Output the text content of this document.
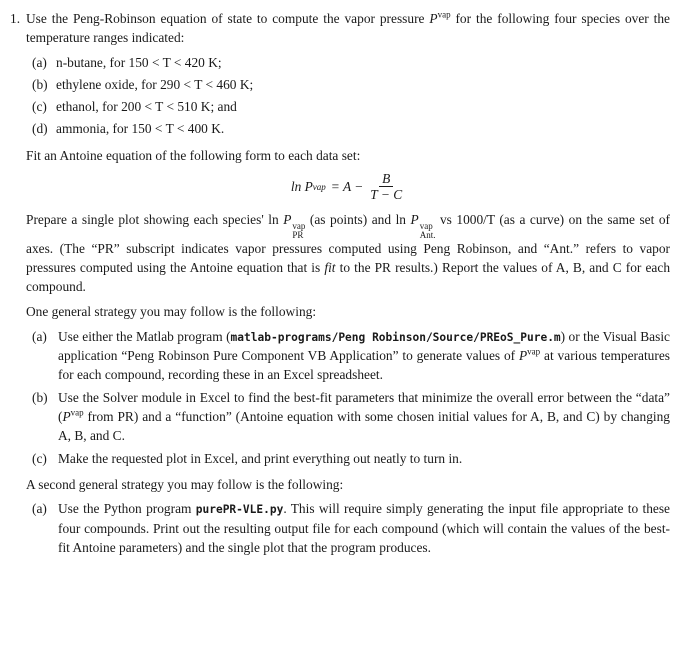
1. Use the Peng-Robinson equation of state to compute the vapor pressure $P^{vap}$ for the following four species over the temperature ranges indicated:

(a) n-butane, for 150 < T < 420 K;
(b) ethylene oxide, for 290 < T < 460 K;
(c) ethanol, for 200 < T < 510 K; and
(d) ammonia, for 150 < T < 400 K.

Fit an Antoine equation of the following form to each data set:

ln P vap = $A - \frac{B}{T - C}$

Prepare a single plot showing each species' ln P vap
PR
(as points) and ln P vap
Ant.
vs 1000/T (as a curve) on the same set of axes. (The “PR” subscript indicates vapor pressures computed using Peng Robinson, and “Ant.” refers to vapor pressures computed using the Antoine equation that is fit to the PR results.) Report the values of A, B, and C for each compound.

One general strategy you may follow is the following:

(a) Use either the Matlab program (matlab-programs/Peng Robinson/Source/PREoS_Pure.m) or the Visual Basic application “Peng Robinson Pure Component VB Application” to generate values of $P^{vap}$ at various temperatures for each compound, recording these in an Excel spreadsheet.
(b) Use the Solver module in Excel to find the best-fit parameters that minimize the overall error between the “data” ($P^{vap}$ from PR) and a “function” (Antoine equation with some chosen initial values for A, B, and C) by changing A, B, and C.
(c) Make the requested plot in Excel, and print everything out neatly to turn in.

A second general strategy you may follow is the following:

(a) Use the Python program purePR-VLE.py. This will require simply generating the input file appropriate to these four compounds. Print out the resulting output file for each compound (which will contain the values of the best-fit Antoine parameters) and the single plot that the program produces.
